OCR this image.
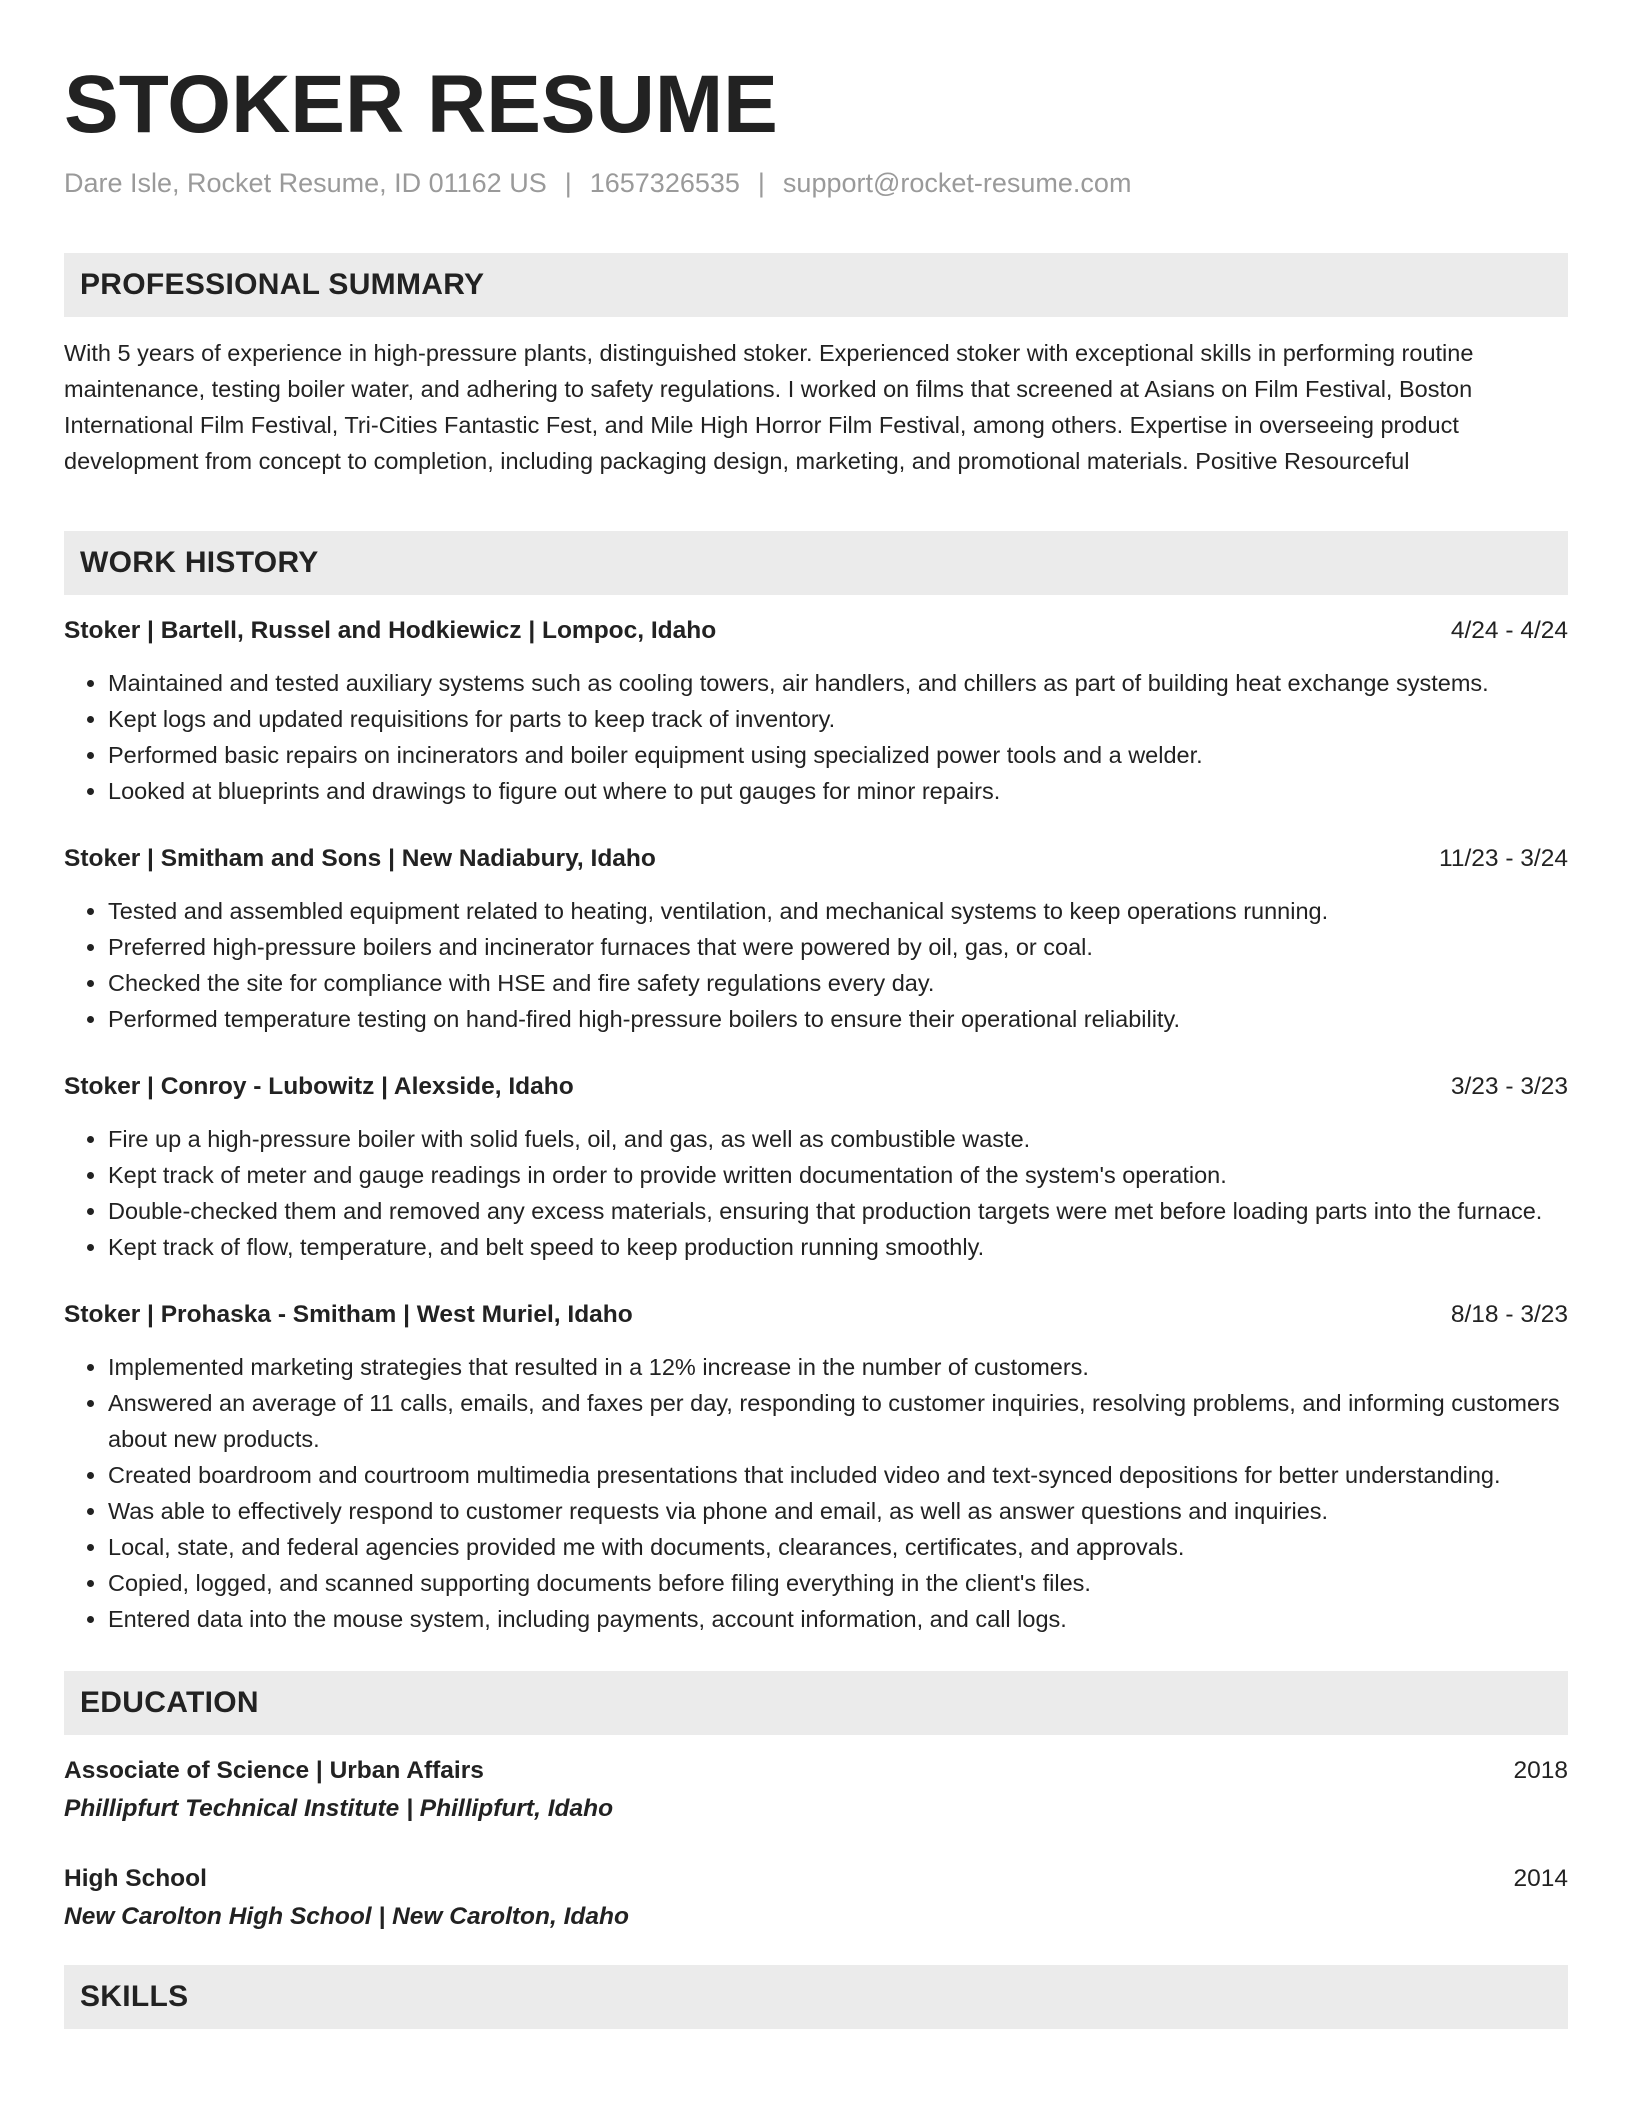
STOKER RESUME
Dare Isle, Rocket Resume, ID 01162 US | 1657326535 | support@rocket-resume.com
PROFESSIONAL SUMMARY
With 5 years of experience in high-pressure plants, distinguished stoker. Experienced stoker with exceptional skills in performing routine maintenance, testing boiler water, and adhering to safety regulations. I worked on films that screened at Asians on Film Festival, Boston International Film Festival, Tri-Cities Fantastic Fest, and Mile High Horror Film Festival, among others. Expertise in overseeing product development from concept to completion, including packaging design, marketing, and promotional materials. Positive Resourceful
WORK HISTORY
Stoker | Bartell, Russel and Hodkiewicz | Lompoc, Idaho	4/24 - 4/24
• Maintained and tested auxiliary systems such as cooling towers, air handlers, and chillers as part of building heat exchange systems.
• Kept logs and updated requisitions for parts to keep track of inventory.
• Performed basic repairs on incinerators and boiler equipment using specialized power tools and a welder.
• Looked at blueprints and drawings to figure out where to put gauges for minor repairs.
Stoker | Smitham and Sons | New Nadiabury, Idaho	11/23 - 3/24
• Tested and assembled equipment related to heating, ventilation, and mechanical systems to keep operations running.
• Preferred high-pressure boilers and incinerator furnaces that were powered by oil, gas, or coal.
• Checked the site for compliance with HSE and fire safety regulations every day.
• Performed temperature testing on hand-fired high-pressure boilers to ensure their operational reliability.
Stoker | Conroy - Lubowitz | Alexside, Idaho	3/23 - 3/23
• Fire up a high-pressure boiler with solid fuels, oil, and gas, as well as combustible waste.
• Kept track of meter and gauge readings in order to provide written documentation of the system's operation.
• Double-checked them and removed any excess materials, ensuring that production targets were met before loading parts into the furnace.
• Kept track of flow, temperature, and belt speed to keep production running smoothly.
Stoker | Prohaska - Smitham | West Muriel, Idaho	8/18 - 3/23
• Implemented marketing strategies that resulted in a 12% increase in the number of customers.
• Answered an average of 11 calls, emails, and faxes per day, responding to customer inquiries, resolving problems, and informing customers about new products.
• Created boardroom and courtroom multimedia presentations that included video and text-synced depositions for better understanding.
• Was able to effectively respond to customer requests via phone and email, as well as answer questions and inquiries.
• Local, state, and federal agencies provided me with documents, clearances, certificates, and approvals.
• Copied, logged, and scanned supporting documents before filing everything in the client's files.
• Entered data into the mouse system, including payments, account information, and call logs.
EDUCATION
Associate of Science | Urban Affairs	2018
Phillipfurt Technical Institute | Phillipfurt, Idaho
High School	2014
New Carolton High School | New Carolton, Idaho
SKILLS
